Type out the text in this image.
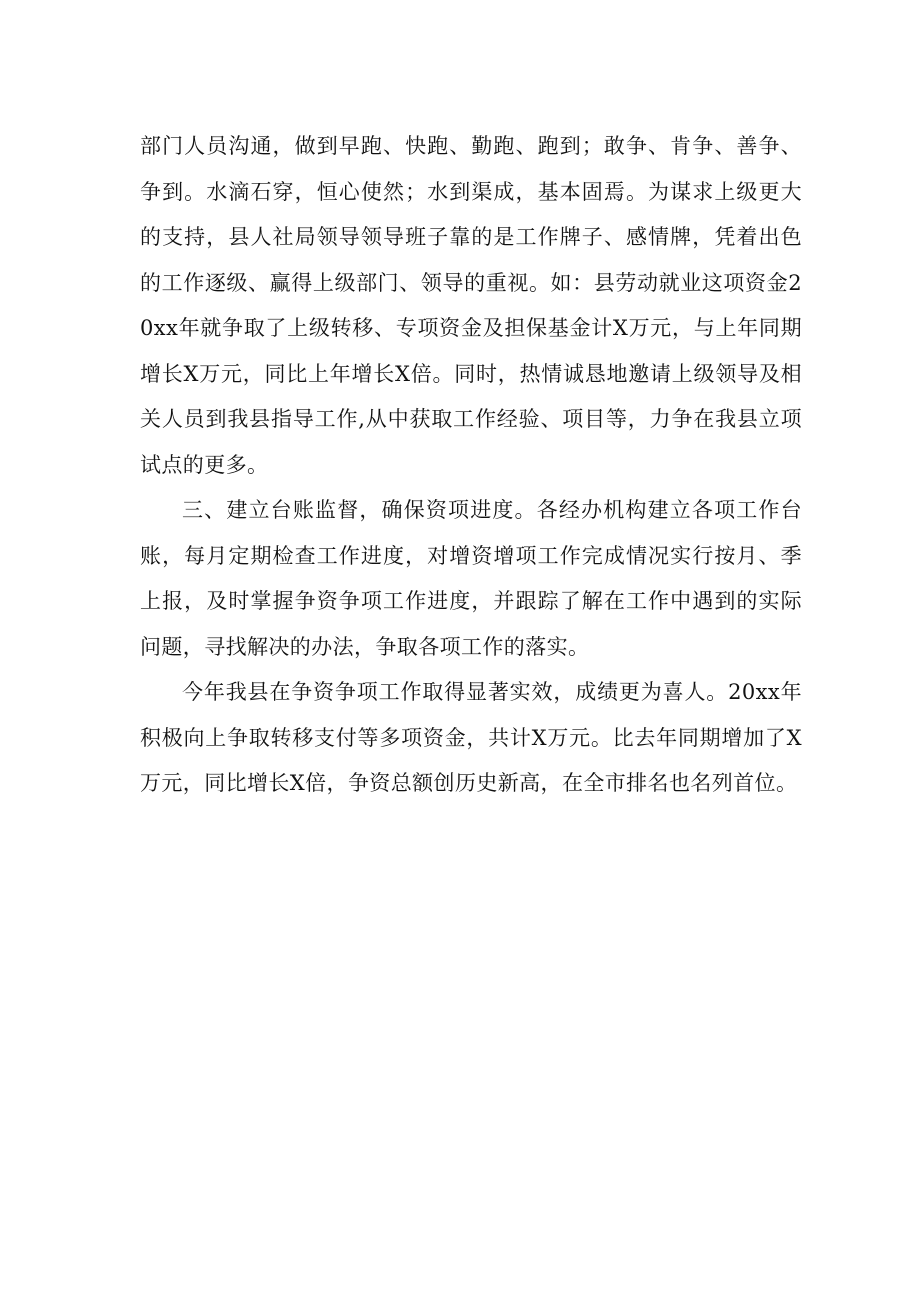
部门人员沟通，做到早跑、快跑、勤跑、跑到；敢争、肯争、善争、争到。水滴石穿，恒心使然；水到渠成，基本固焉。为谋求上级更大的支持，县人社局领导领导班子靠的是工作牌子、感情牌，凭着出色的工作逐级、赢得上级部门、领导的重视。如：县劳动就业这项资金20xx年就争取了上级转移、专项资金及担保基金计X万元，与上年同期增长X万元，同比上年增长X倍。同时，热情诚恳地邀请上级领导及相关人员到我县指导工作,从中获取工作经验、项目等，力争在我县立项试点的更多。

三、建立台账监督，确保资项进度。各经办机构建立各项工作台账，每月定期检查工作进度，对增资增项工作完成情况实行按月、季上报，及时掌握争资争项工作进度，并跟踪了解在工作中遇到的实际问题，寻找解决的办法，争取各项工作的落实。

今年我县在争资争项工作取得显著实效，成绩更为喜人。20xx年积极向上争取转移支付等多项资金，共计X万元。比去年同期增加了X万元，同比增长X倍，争资总额创历史新高，在全市排名也名列首位。
